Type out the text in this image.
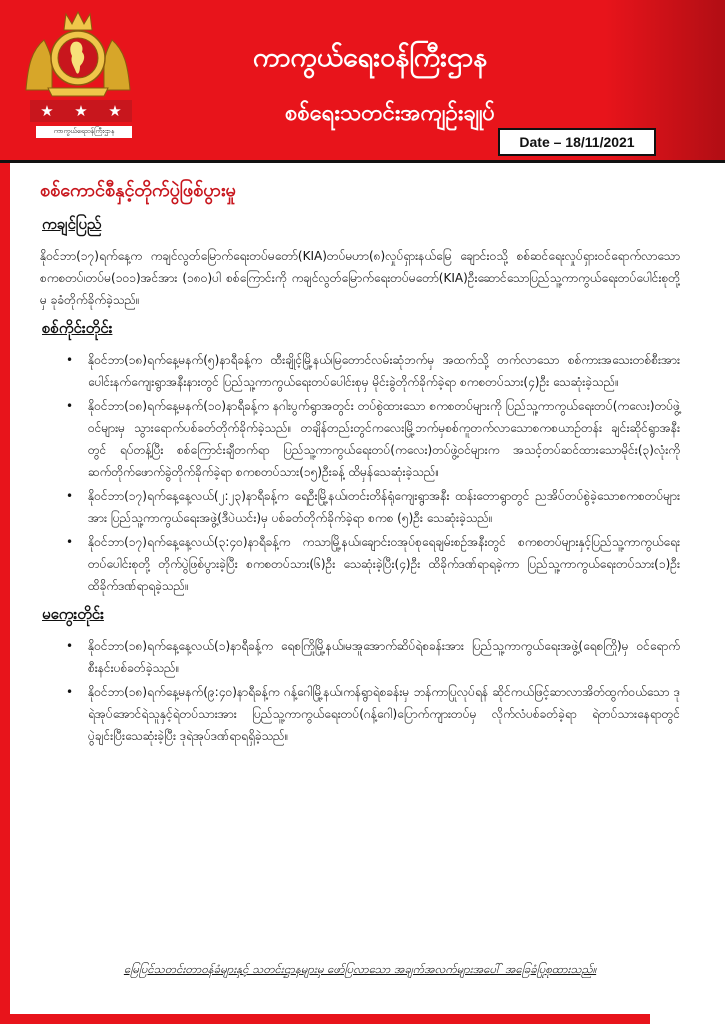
★ ★ ★
ကာကွယ်ရေးဝန်ကြီးဌာန
ကာကွယ်ရေးဝန်ကြီးဌာန
စစ်ရေးသတင်းအကျဉ်းချုပ်
Date – 18/11/2021
စစ်ကောင်စီနှင့်တိုက်ပွဲဖြစ်ပွားမှု
ကချင်ပြည်

နိုဝင်ဘာ(၁၇)ရက်နေ့က ကချင်လွတ်မြောက်ရေးတပ်မတော်(KIA)တပ်မဟာ(၈)လှုပ်ရှားနယ်မြေ ချောင်းဝသို့ စစ်ဆင်ရေးလှုပ်ရှားဝင်ရောက်လာသော စကစတပ်၊တပ်မ(၁၀၁)အင်အား (၁၈၀)ပါ စစ်ကြောင်းကို ကချင်လွတ်မြောက်ရေးတပ်မတော်(KIA)ဦးဆောင်သောပြည်သူ့ကာကွယ်ရေးတပ်ပေါင်းစုတို့မှ ခုခံတိုက်ခိုက်ခဲ့သည်။

စစ်ကိုင်းတိုင်း
• နိုဝင်ဘာ(၁၈)ရက်နေ့မနက်(၅)နာရီခန့်က ထီးချိုင့်မြို့နယ်၊မြတောင်လမ်းဆုံဘက်မှ အထက်သို့ တက်လာသော စစ်ကားအသေးတစ်စီးအား ပေါင်းနက်ကျေးရွာအနီးနားတွင် ပြည်သူ့ကာကွယ်ရေးတပ်ပေါင်းစုမှ မိုင်းခွဲတိုက်ခိုက်ခဲ့ရာ စကစတပ်သား(၄)ဦး သေဆုံးခဲ့သည်။
• နိုဝင်ဘာ(၁၈)ရက်နေ့မနက်(၁၀)နာရီခန့်က နဂါးပွက်ရွာအတွင်း တပ်စွဲထားသော စကစတပ်များကို ပြည်သူ့ကာကွယ်ရေးတပ်(ကလေး)တပ်ဖွဲ့ဝင်များမှ သွားရောက်ပစ်ခတ်တိုက်ခိုက်ခဲ့သည်။ တချိန်တည်းတွင်ကလေးမြို့ဘက်မှစစ်ကူတက်လာသောစကစယာဉ်တန်း ချင်းဆိုင်ရွာအနီးတွင် ရပ်တန့်ပြီး စစ်ကြောင်းချီတက်ရာ ပြည်သူ့ကာကွယ်ရေးတပ်(ကလေး)တပ်ဖွဲ့ဝင်များက အသင့်တပ်ဆင်ထားသောမိုင်း(၃)လုံးကို ဆက်တိုက်ဖောက်ခွဲတိုက်ခိုက်ခဲ့ရာ စကစတပ်သား(၁၅)ဦးခန့် ထိမှန်သေဆုံးခဲ့သည်။
• နိုဝင်ဘာ(၁၇)ရက်နေ့နေ့လယ်(၂:၂၃)နာရီခန့်က ရေဦးမြို့နယ်၊တင်းတိန်ရုံကျေးရွာအနီး ထန်းတောရွာတွင် ညအိပ်တပ်စွဲခဲ့သောစကစတပ်များအား ပြည်သူ့ကာကွယ်ရေးအဖွဲ့(ဒီပဲယင်း)မှ ပစ်ခတ်တိုက်ခိုက်ခဲ့ရာ စကစ (၅)ဦး သေဆုံးခဲ့သည်။
• နိုဝင်ဘာ(၁၇)ရက်နေ့နေ့လယ်(၃:၄၀)နာရီခန့်က ကသာမြို့နယ်၊ချောင်းဝအုပ်စုရေချမ်းစဉ်အနီးတွင် စကစတပ်များနှင့်ပြည်သူ့ကာကွယ်ရေးတပ်ပေါင်းစုတို့ တိုက်ပွဲဖြစ်ပွားခဲ့ပြီး စကစတပ်သား(၆)ဦး သေဆုံးခဲ့ပြီး(၄)ဦး ထိခိုက်ဒဏ်ရာရခဲ့ကာ ပြည်သူ့ကာကွယ်ရေးတပ်သား(၁)ဦး ထိခိုက်ဒဏ်ရာရခဲ့သည်။
မကွေးတိုင်း
• နိုဝင်ဘာ(၁၈)ရက်နေ့နေ့လယ်(၁)နာရီခန့်က ရေစကြိုမြို့နယ်၊မအူအောက်ဆိပ်ရဲစခန်းအား ပြည်သူ့ကာကွယ်ရေးအဖွဲ့(ရေစကြို)မှ ဝင်ရောက်စီးနင်းပစ်ခတ်ခဲ့သည်။
• နိုဝင်ဘာ(၁၈)ရက်နေ့မနက်(၉:၄၀)နာရီခန့်က ဂန့်ဂေါမြို့နယ်၊ကန်ရွာရဲစခန်းမှ ဘန်ကာပြုလုပ်ရန် ဆိုင်ကယ်ဖြင့်ဆာလာအိတ်ထွက်ဝယ်သော ဒုရဲအုပ်အောင်ရဲသူနှင့်ရဲတပ်သားအား ပြည်သူ့ကာကွယ်ရေးတပ်(ဂန့်ဂေါ)ပြောက်ကျားတပ်မှ လိုက်လံပစ်ခတ်ခဲ့ရာ ရဲတပ်သားနေရာတွင် ပွဲချင်းပြီးသေဆုံးခဲ့ပြီး ဒုရဲအုပ်ဒဏ်ရာရရှိခဲ့သည်။
မြေပြင်သတင်းတာဝန်ခံများနှင့် သတင်းဌာနများမှ ဖော်ပြလာသော အချက်အလက်များအပေါ် အခြေခံပြုစုထားသည်။
